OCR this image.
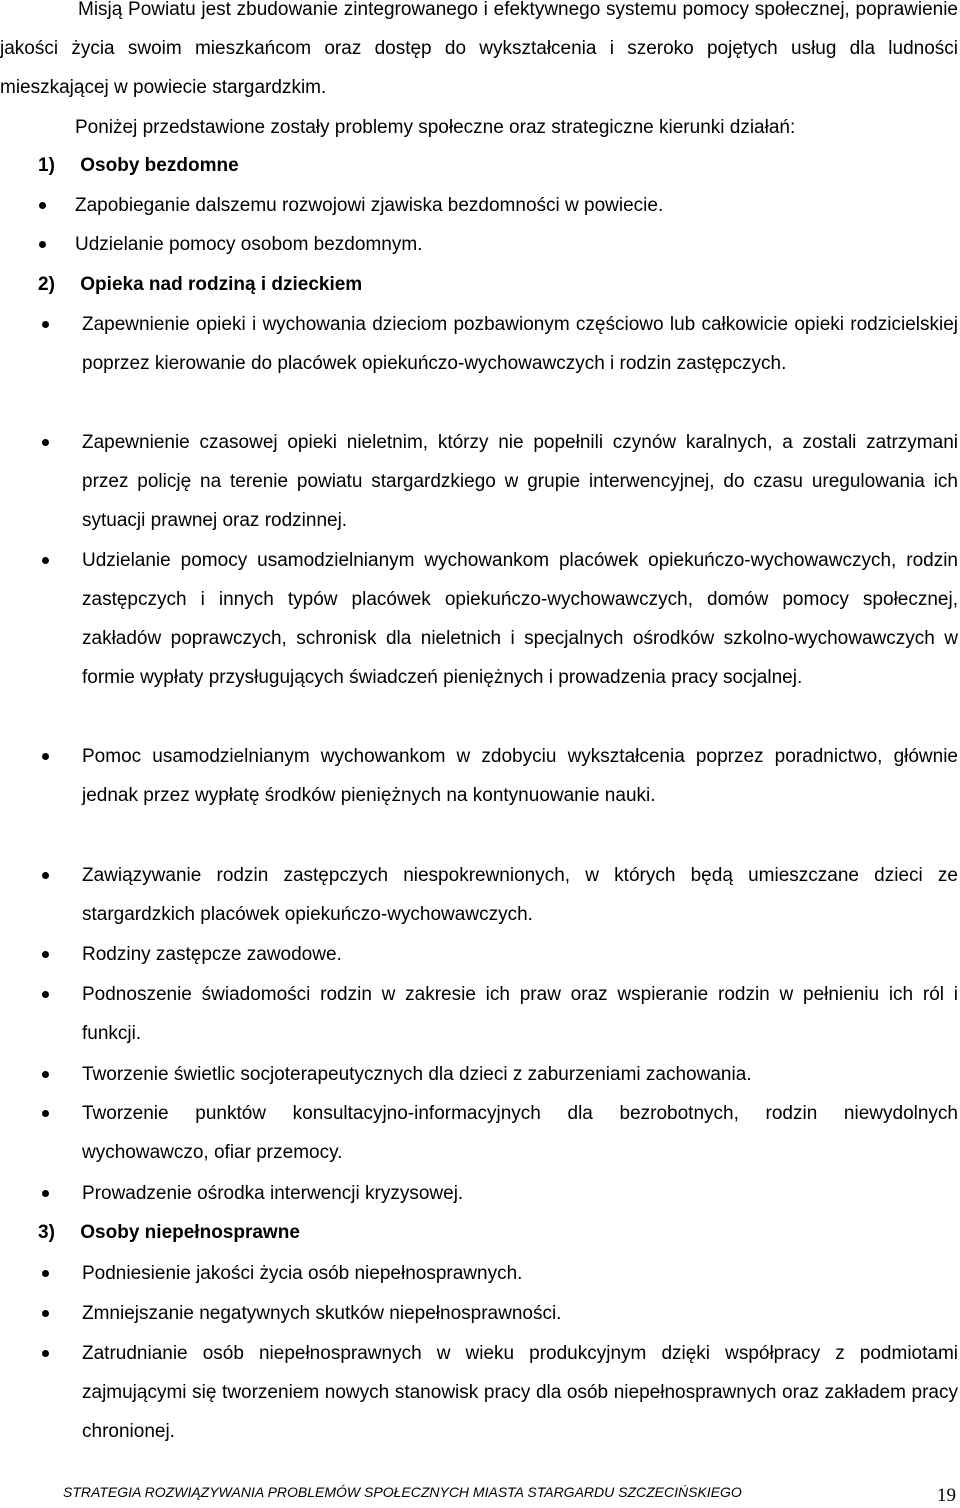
Misją Powiatu jest zbudowanie zintegrowanego i efektywnego systemu pomocy społecznej, poprawienie jakości życia swoim mieszkańcom oraz dostęp do wykształcenia i szeroko pojętych usług dla ludności mieszkającej w powiecie stargardzkim.

Poniżej przedstawione zostały problemy społeczne oraz strategiczne kierunki działań:

1) Osoby bezdomne

Zapobieganie dalszemu rozwojowi zjawiska bezdomności w powiecie.

Udzielanie pomocy osobom bezdomnym.

2) Opieka nad rodziną i dzieckiem

Zapewnienie opieki i wychowania dzieciom pozbawionym częściowo lub całkowicie opieki rodzicielskiej poprzez kierowanie do placówek opiekuńczo-wychowawczych i rodzin zastępczych.

Zapewnienie czasowej opieki nieletnim, którzy nie popełnili czynów karalnych, a zostali zatrzymani przez policję na terenie powiatu stargardzkiego w grupie interwencyjnej, do czasu uregulowania ich sytuacji prawnej oraz rodzinnej.

Udzielanie pomocy usamodzielnianym wychowankom placówek opiekuńczo-wychowawczych, rodzin zastępczych i innych typów placówek opiekuńczo-wychowawczych, domów pomocy społecznej, zakładów poprawczych, schronisk dla nieletnich i specjalnych ośrodków szkolno-wychowawczych w formie wypłaty przysługujących świadczeń pieniężnych i prowadzenia pracy socjalnej.

Pomoc usamodzielnianym wychowankom w zdobyciu wykształcenia poprzez poradnictwo, głównie jednak przez wypłatę środków pieniężnych na kontynuowanie nauki.

Zawiązywanie rodzin zastępczych niespokrewnionych, w których będą umieszczane dzieci ze stargardzkich placówek opiekuńczo-wychowawczych.

Rodziny zastępcze zawodowe.

Podnoszenie świadomości rodzin w zakresie ich praw oraz wspieranie rodzin w pełnieniu ich ról i funkcji.

Tworzenie świetlic socjoterapeutycznych dla dzieci z zaburzeniami zachowania.

Tworzenie punktów konsultacyjno-informacyjnych dla bezrobotnych, rodzin niewydolnych wychowawczo, ofiar przemocy.

Prowadzenie ośrodka interwencji kryzysowej.

3) Osoby niepełnosprawne

Podniesienie jakości życia osób niepełnosprawnych.

Zmniejszanie negatywnych skutków niepełnosprawności.

Zatrudnianie osób niepełnosprawnych w wieku produkcyjnym dzięki współpracy z podmiotami zajmującymi się tworzeniem nowych stanowisk pracy dla osób niepełnosprawnych oraz zakładem pracy chronionej.

STRATEGIA ROZWIĄZYWANIA PROBLEMÓW SPOŁECZNYCH MIASTA STARGARDU SZCZECIŃSKIEGO	19
